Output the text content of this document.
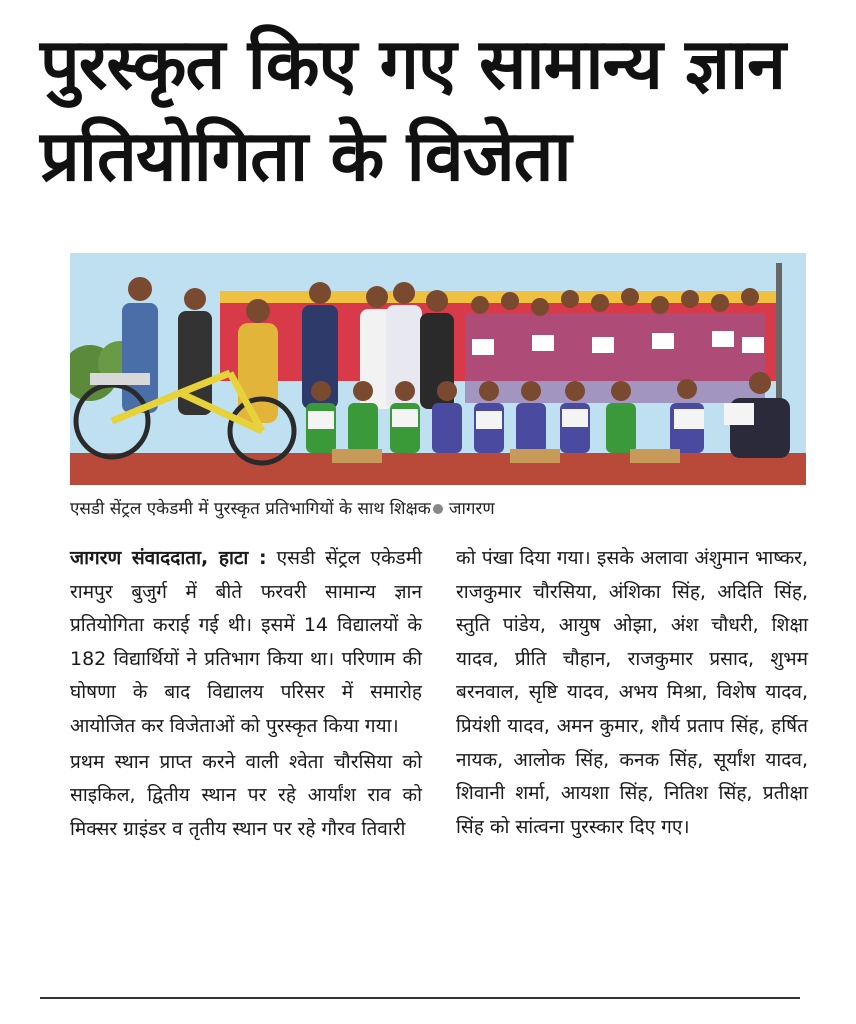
पुरस्कृत किए गए सामान्य ज्ञान प्रतियोगिता के विजेता
एसडी सेंट्रल एकेडमी में पुरस्कृत प्रतिभागियों के साथ शिक्षक जागरण

जागरण संवाददाता, हाटा : एसडी सेंट्रल एकेडमी रामपुर बुजुर्ग में बीते फरवरी सामान्य ज्ञान प्रतियोगिता कराई गई थी। इसमें 14 विद्यालयों के 182 विद्यार्थियों ने प्रतिभाग किया था। परिणाम की घोषणा के बाद विद्यालय परिसर में समारोह आयोजित कर विजेताओं को पुरस्कृत किया गया।

प्रथम स्थान प्राप्त करने वाली श्वेता चौरसिया को साइकिल, द्वितीय स्थान पर रहे आर्यांश राव को मिक्सर ग्राइंडर व तृतीय स्थान पर रहे गौरव तिवारी

को पंखा दिया गया। इसके अलावा अंशुमान भाष्कर, राजकुमार चौरसिया, अंशिका सिंह, अदिति सिंह, स्तुति पांडेय, आयुष ओझा, अंश चौधरी, शिक्षा यादव, प्रीति चौहान, राजकुमार प्रसाद, शुभम बरनवाल, सृष्टि यादव, अभय मिश्रा, विशेष यादव, प्रियंशी यादव, अमन कुमार, शौर्य प्रताप सिंह, हर्षित नायक, आलोक सिंह, कनक सिंह, सूर्यांश यादव, शिवानी शर्मा, आयशा सिंह, नितिश सिंह, प्रतीक्षा सिंह को सांत्वना पुरस्कार दिए गए।
